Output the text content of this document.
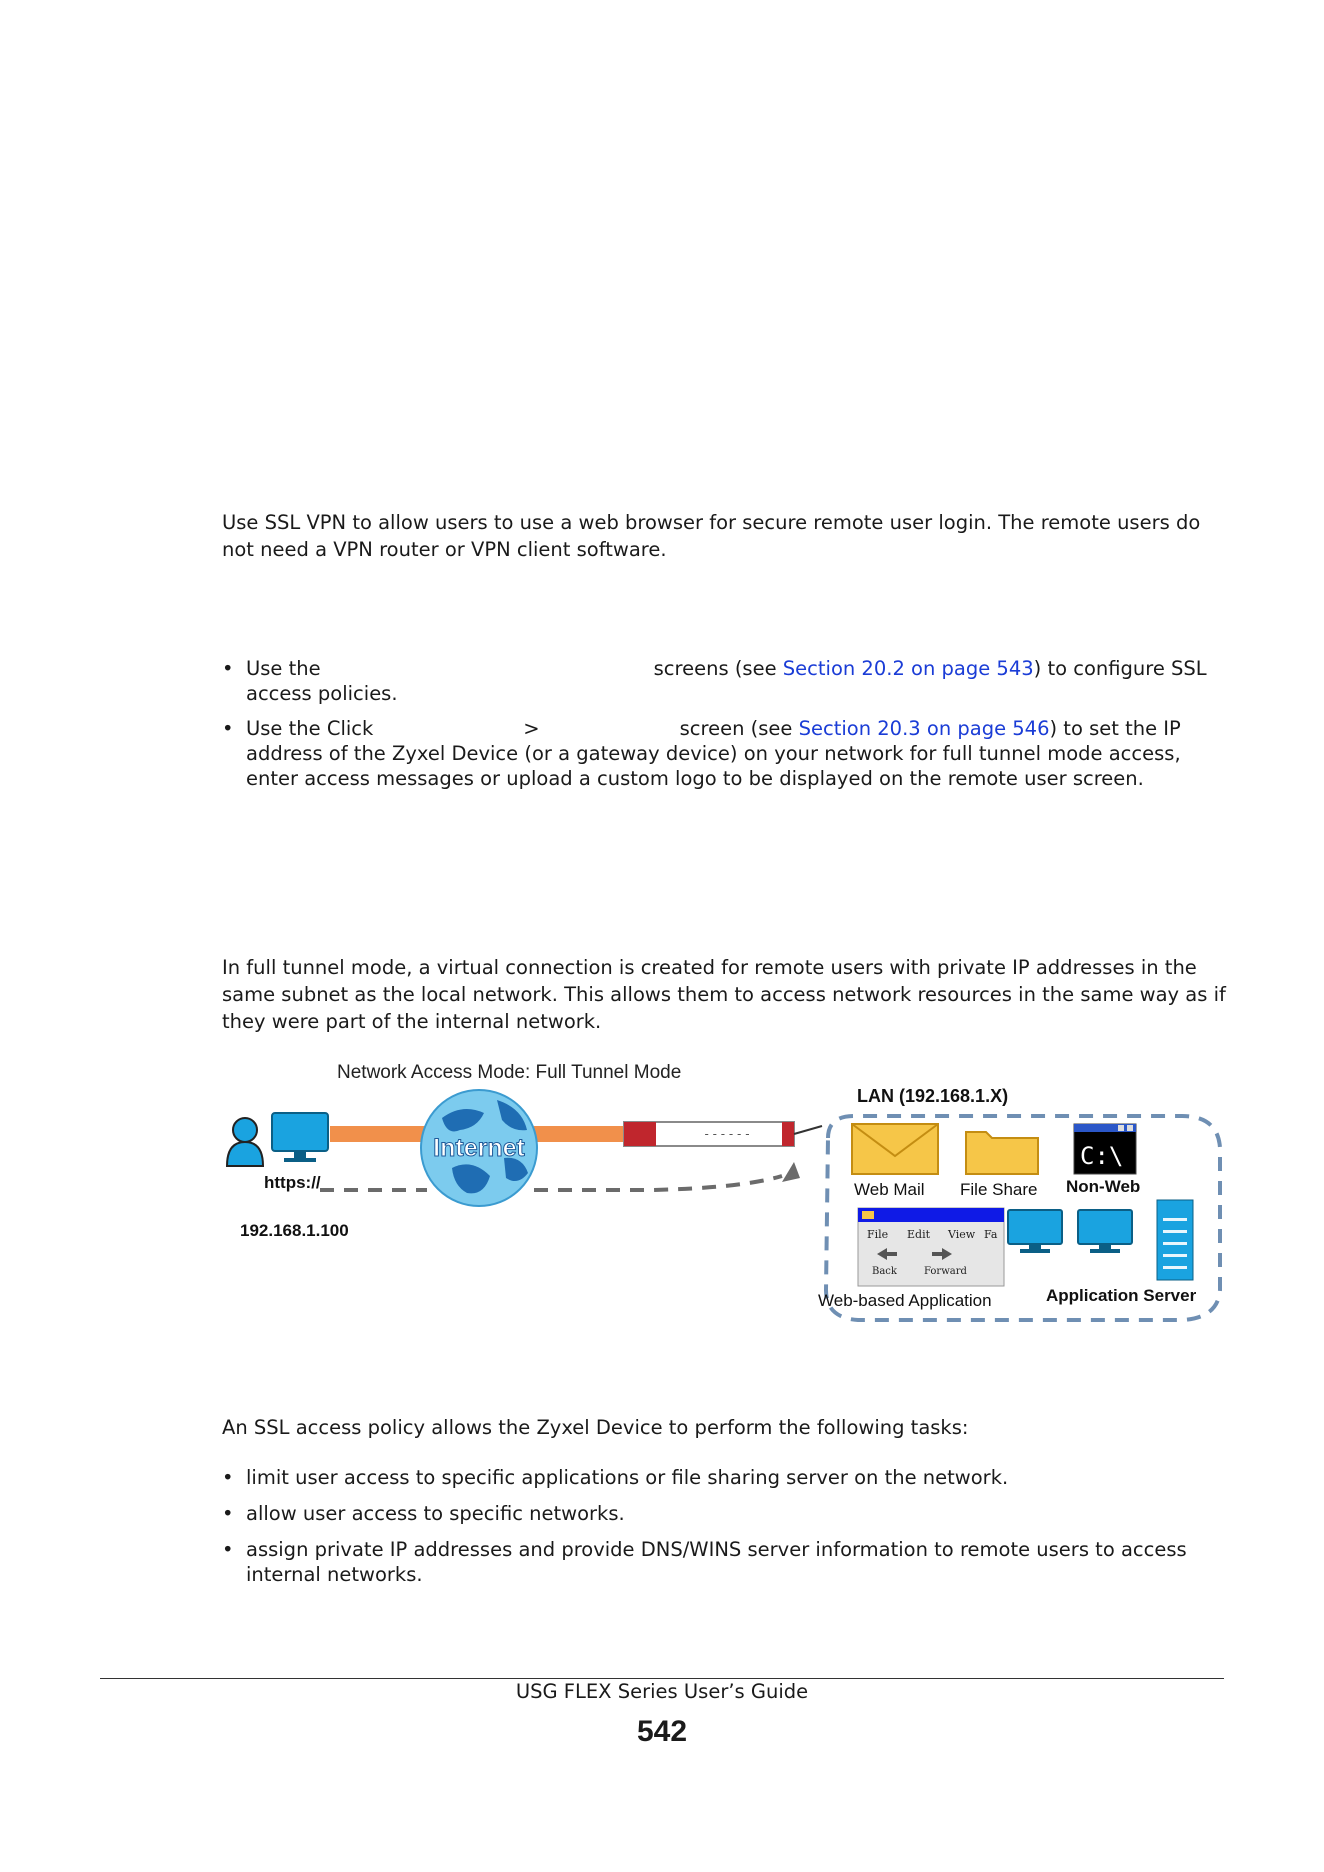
Use SSL VPN to allow users to use a web browser for secure remote user login. The remote users do not need a VPN router or VPN client software.

• Use the	screens (see Section 20.2 on page 543) to configure SSL access policies.
• Use the Click	>	screen (see Section 20.3 on page 546) to set the IP address of the Zyxel Device (or a gateway device) on your network for full tunnel mode access, enter access messages or upload a custom logo to be displayed on the remote user screen.

In full tunnel mode, a virtual connection is created for remote users with private IP addresses in the same subnet as the local network. This allows them to access network resources in the same way as if they were part of the internal network.

Network Access Mode: Full Tunnel Mode
LAN (192.168.1.X)
https://
192.168.1.100
Internet	- - - - - -
Web Mail File Share
C:\
Non-Web
File Edit View Fa
Back	Forward
Web-based Application	Application Server

An SSL access policy allows the Zyxel Device to perform the following tasks:

• limit user access to specific applications or file sharing server on the network.
• allow user access to specific networks.
• assign private IP addresses and provide DNS/WINS server information to remote users to access internal networks.
USG FLEX Series User’s Guide
542
